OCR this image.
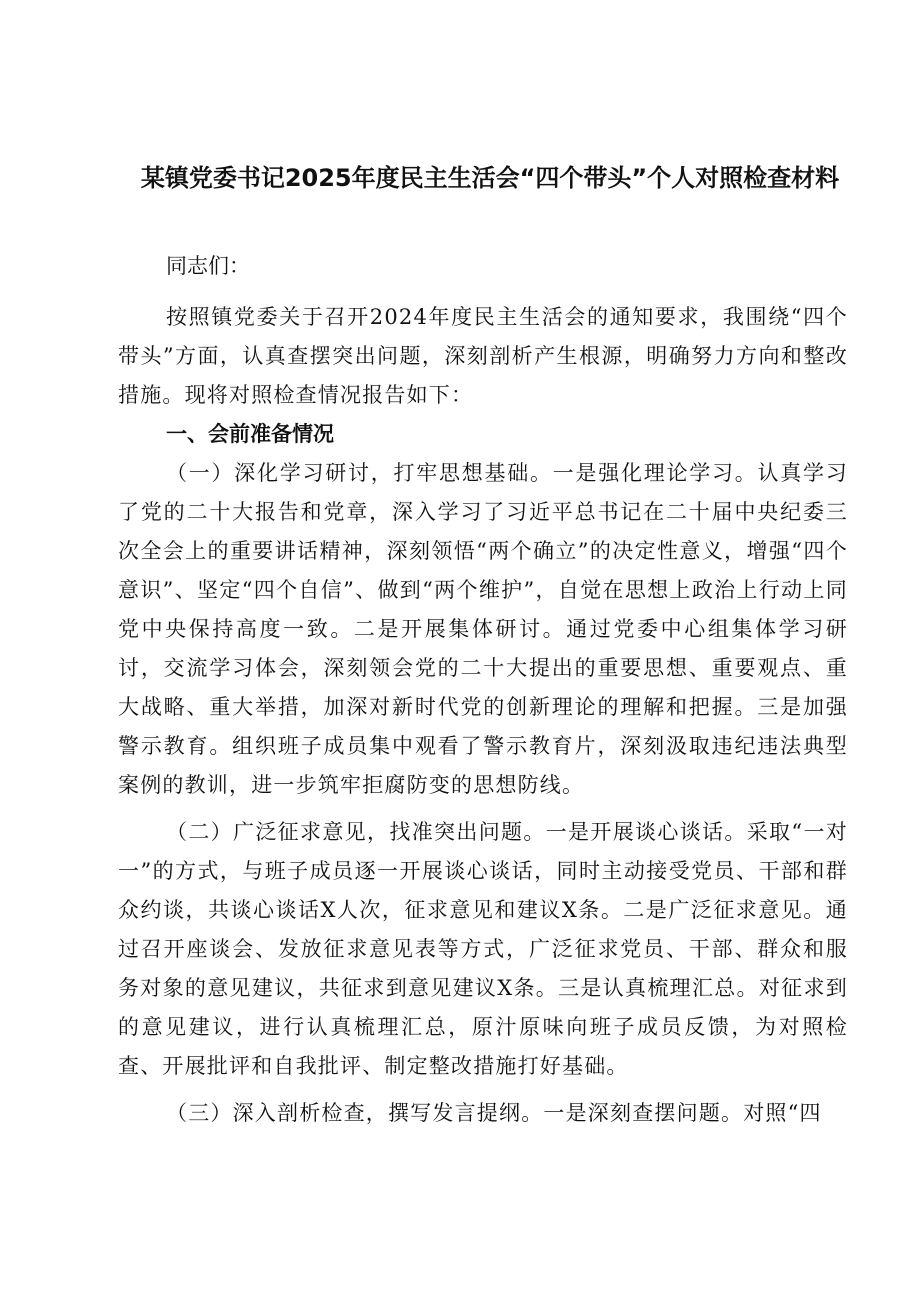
某镇党委书记2025年度民主生活会“四个带头”个人对照检查材料
同志们：

按照镇党委关于召开2024年度民主生活会的通知要求，我围绕“四个带头”方面，认真查摆突出问题，深刻剖析产生根源，明确努力方向和整改措施。现将对照检查情况报告如下：

一、会前准备情况

（一）深化学习研讨，打牢思想基础。一是强化理论学习。认真学习了党的二十大报告和党章，深入学习了习近平总书记在二十届中央纪委三次全会上的重要讲话精神，深刻领悟“两个确立”的决定性意义，增强“四个意识”、坚定“四个自信”、做到“两个维护”，自觉在思想上政治上行动上同党中央保持高度一致。二是开展集体研讨。通过党委中心组集体学习研讨，交流学习体会，深刻领会党的二十大提出的重要思想、重要观点、重大战略、重大举措，加深对新时代党的创新理论的理解和把握。三是加强警示教育。组织班子成员集中观看了警示教育片，深刻汲取违纪违法典型案例的教训，进一步筑牢拒腐防变的思想防线。

（二）广泛征求意见，找准突出问题。一是开展谈心谈话。采取“一对一”的方式，与班子成员逐一开展谈心谈话，同时主动接受党员、干部和群众约谈，共谈心谈话X人次，征求意见和建议X条。二是广泛征求意见。通过召开座谈会、发放征求意见表等方式，广泛征求党员、干部、群众和服务对象的意见建议，共征求到意见建议X条。三是认真梳理汇总。对征求到的意见建议，进行认真梳理汇总，原汁原味向班子成员反馈，为对照检查、开展批评和自我批评、制定整改措施打好基础。

（三）深入剖析检查，撰写发言提纲。一是深刻查摆问题。对照“四
